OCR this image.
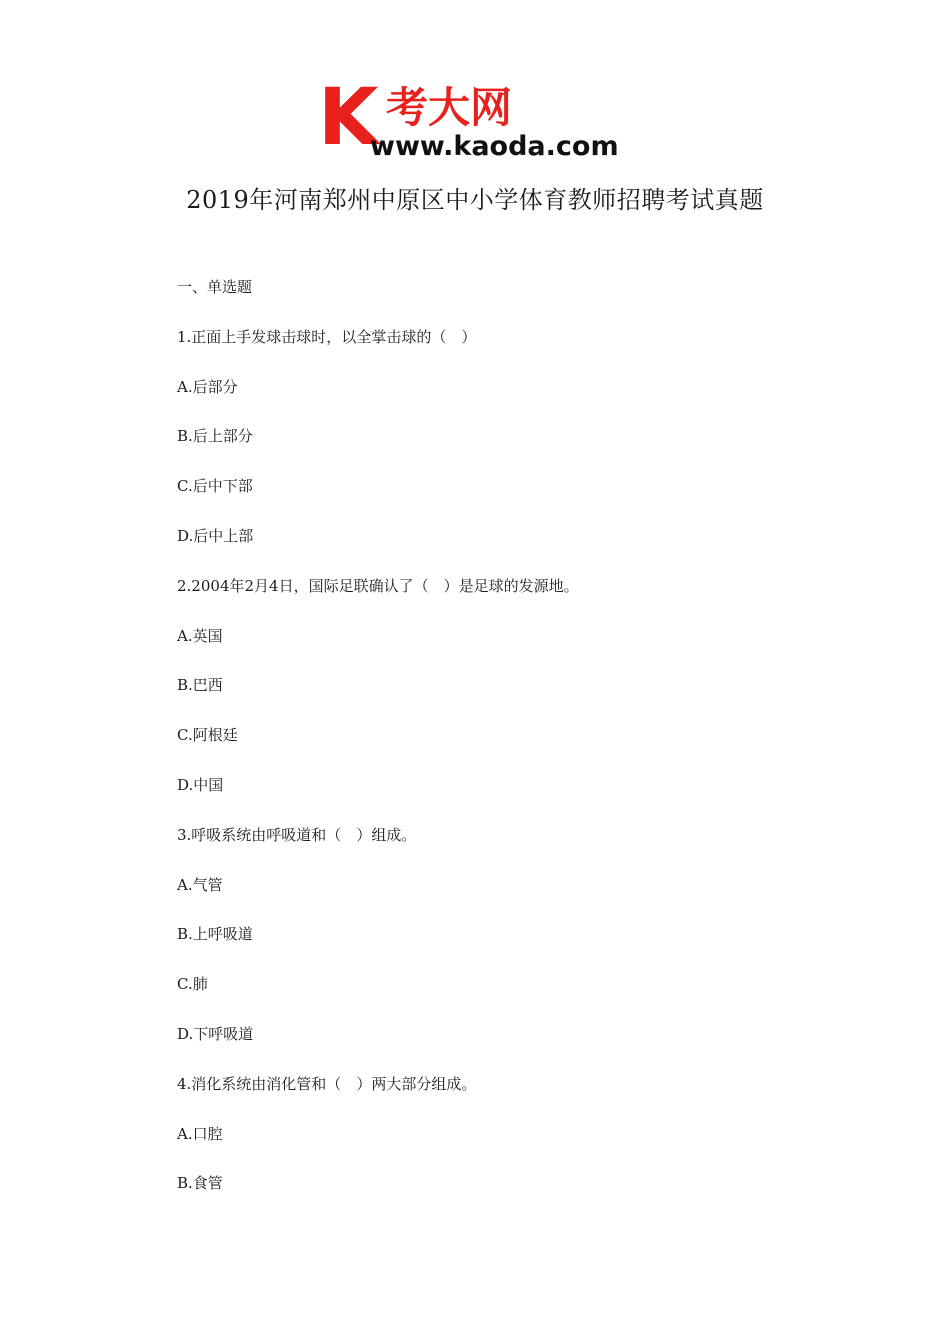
K 考大网
www.kaoda.com
2019年河南郑州中原区中小学体育教师招聘考试真题
一、单选题
1.正面上手发球击球时，以全掌击球的（　）
A.后部分
B.后上部分
C.后中下部
D.后中上部
2.2004年2月4日，国际足联确认了（　）是足球的发源地。
A.英国
B.巴西
C.阿根廷
D.中国
3.呼吸系统由呼吸道和（　）组成。
A.气管
B.上呼吸道
C.肺
D.下呼吸道
4.消化系统由消化管和（　）两大部分组成。
A.口腔
B.食管
